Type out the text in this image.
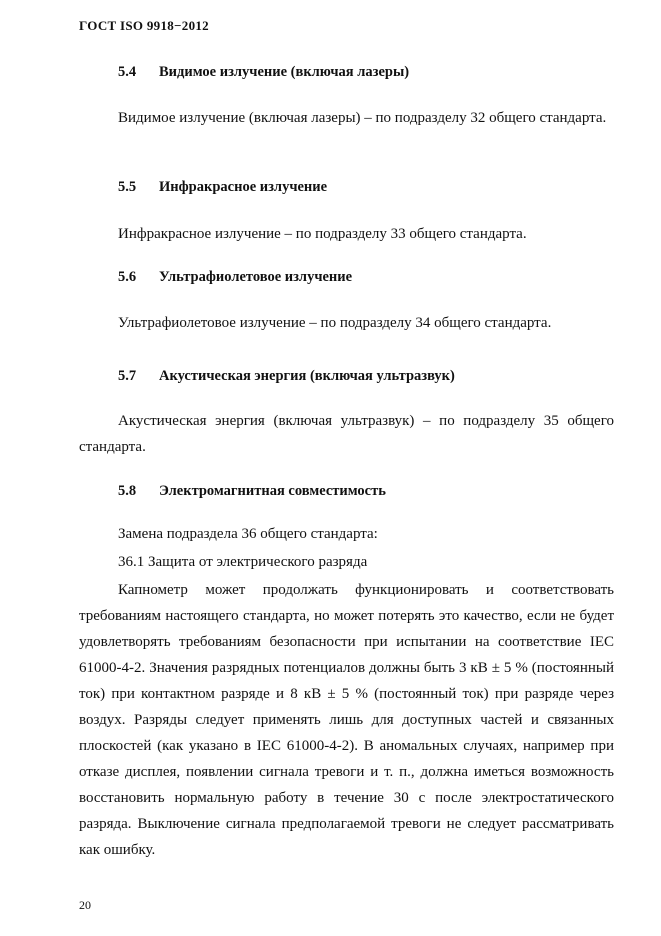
ГОСТ ISO 9918−2012
5.4 Видимое излучение (включая лазеры)
Видимое излучение (включая лазеры) – по подразделу 32 общего стандарта.
5.5 Инфракрасное излучение
Инфракрасное излучение – по подразделу 33 общего стандарта.
5.6 Ультрафиолетовое излучение
Ультрафиолетовое излучение – по подразделу 34 общего стандарта.
5.7 Акустическая энергия (включая ультразвук)
Акустическая энергия (включая ультразвук) – по подразделу 35 общего стандарта.
5.8 Электромагнитная совместимость
Замена подраздела 36 общего стандарта:
36.1 Защита от электрического разряда
Капнометр может продолжать функционировать и соответствовать требованиям настоящего стандарта, но может потерять это качество, если не будет удовлетворять требованиям безопасности при испытании на соответствие IEC 61000-4-2. Значения разрядных потенциалов должны быть 3 кВ ± 5 % (постоянный ток) при контактном разряде и 8 кВ ± 5 % (постоянный ток) при разряде через воздух. Разряды следует применять лишь для доступных частей и связанных плоскостей (как указано в IEC 61000-4-2). В аномальных случаях, например при отказе дисплея, появлении сигнала тревоги и т. п., должна иметься возможность восстановить нормальную работу в течение 30 с после электростатического разряда. Выключение сигнала предполагаемой тревоги не следует рассматривать как ошибку.
20
